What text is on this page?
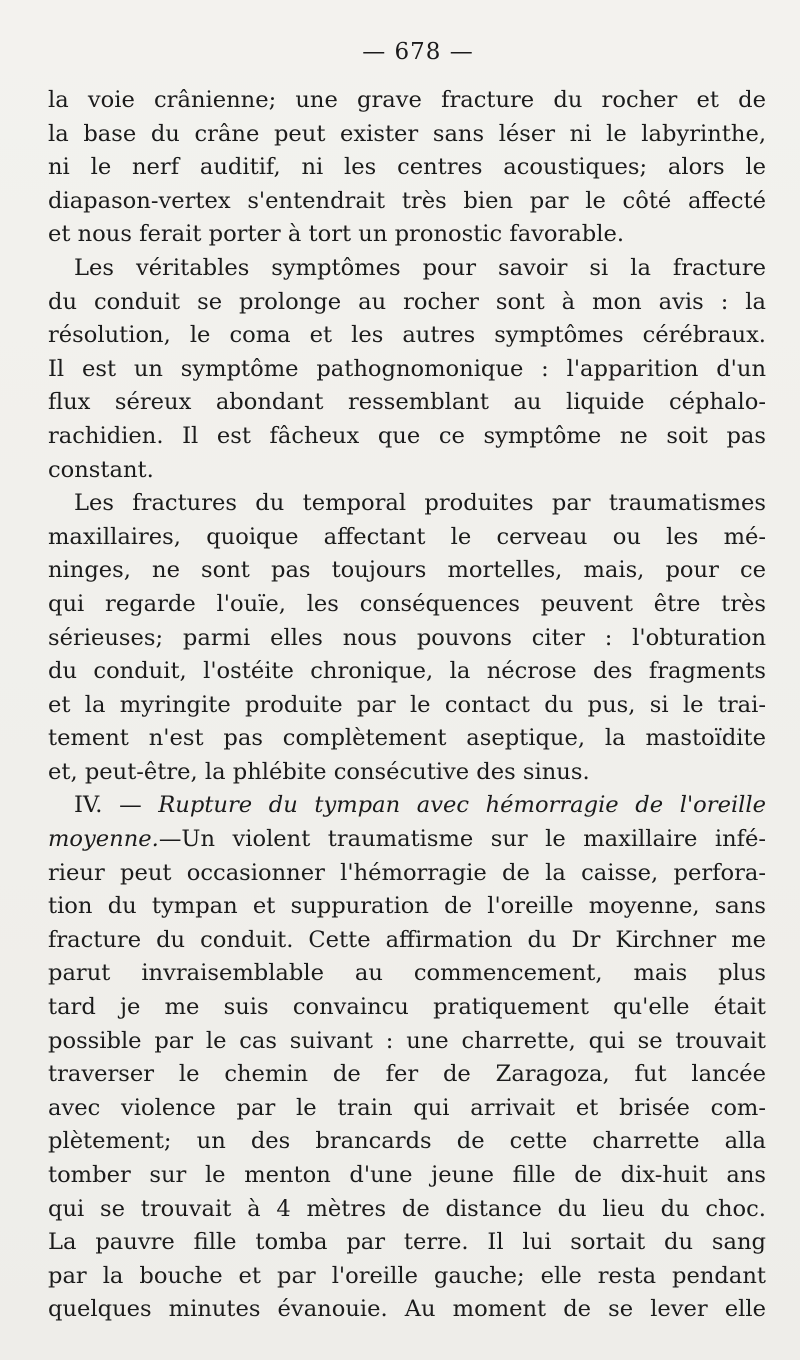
— 678 —
la voie crânienne; une grave fracture du rocher et de
la base du crâne peut exister sans léser ni le labyrinthe,
ni le nerf auditif, ni les centres acoustiques; alors le
diapason-vertex s'entendrait très bien par le côté affecté
et nous ferait porter à tort un pronostic favorable.
Les véritables symptômes pour savoir si la fracture
du conduit se prolonge au rocher sont à mon avis : la
résolution, le coma et les autres symptômes cérébraux.
Il est un symptôme pathognomonique : l'apparition d'un
flux séreux abondant ressemblant au liquide céphalo-
rachidien. Il est fâcheux que ce symptôme ne soit pas
constant.
Les fractures du temporal produites par traumatismes
maxillaires, quoique affectant le cerveau ou les mé-
ninges, ne sont pas toujours mortelles, mais, pour ce
qui regarde l'ouïe, les conséquences peuvent être très
sérieuses; parmi elles nous pouvons citer : l'obturation
du conduit, l'ostéite chronique, la nécrose des fragments
et la myringite produite par le contact du pus, si le trai-
tement n'est pas complètement aseptique, la mastoïdite
et, peut-être, la phlébite consécutive des sinus.
IV. — Rupture du tympan avec hémorragie de l'oreille
moyenne.—Un violent traumatisme sur le maxillaire infé-
rieur peut occasionner l'hémorragie de la caisse, perfora-
tion du tympan et suppuration de l'oreille moyenne, sans
fracture du conduit. Cette affirmation du Dr Kirchner me
parut invraisemblable au commencement, mais plus
tard je me suis convaincu pratiquement qu'elle était
possible par le cas suivant : une charrette, qui se trouvait
traverser le chemin de fer de Zaragoza, fut lancée
avec violence par le train qui arrivait et brisée com-
plètement; un des brancards de cette charrette alla
tomber sur le menton d'une jeune fille de dix-huit ans
qui se trouvait à 4 mètres de distance du lieu du choc.
La pauvre fille tomba par terre. Il lui sortait du sang
par la bouche et par l'oreille gauche; elle resta pendant
quelques minutes évanouie. Au moment de se lever elle
